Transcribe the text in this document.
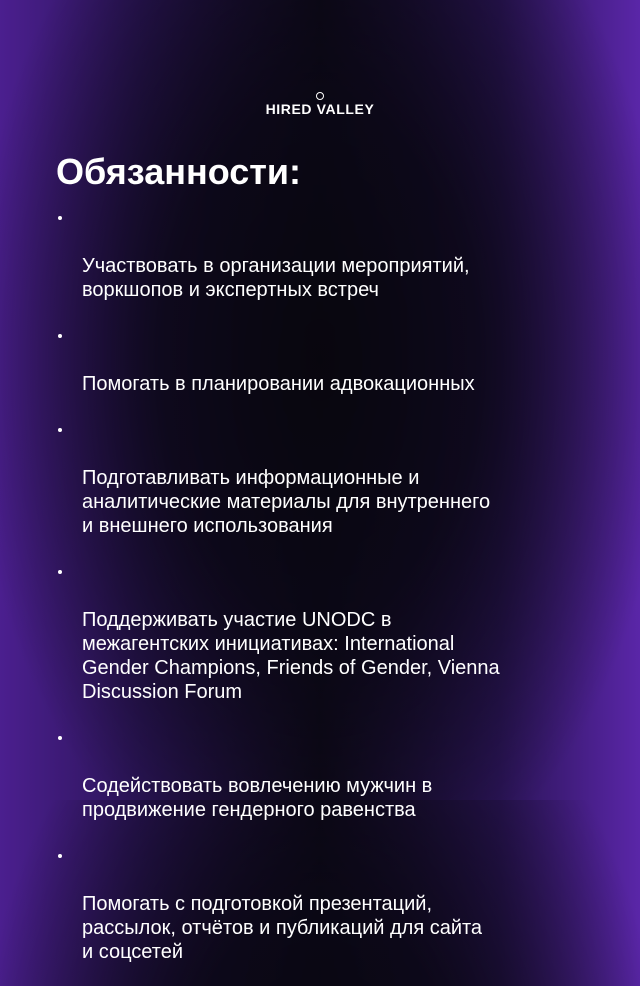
HIRED VALLEY
Обязанности:

Участвовать в организации мероприятий,
воркшопов и экспертных встреч

Помогать в планировании адвокационных

Подготавливать информационные и
аналитические материалы для внутреннего
и внешнего использования

Поддерживать участие UNODC в
межагентских инициативах: International
Gender Champions, Friends of Gender, Vienna
Discussion Forum

Содействовать вовлечению мужчин в
продвижение гендерного равенства

Помогать с подготовкой презентаций,
рассылок, отчётов и публикаций для сайта
и соцсетей
